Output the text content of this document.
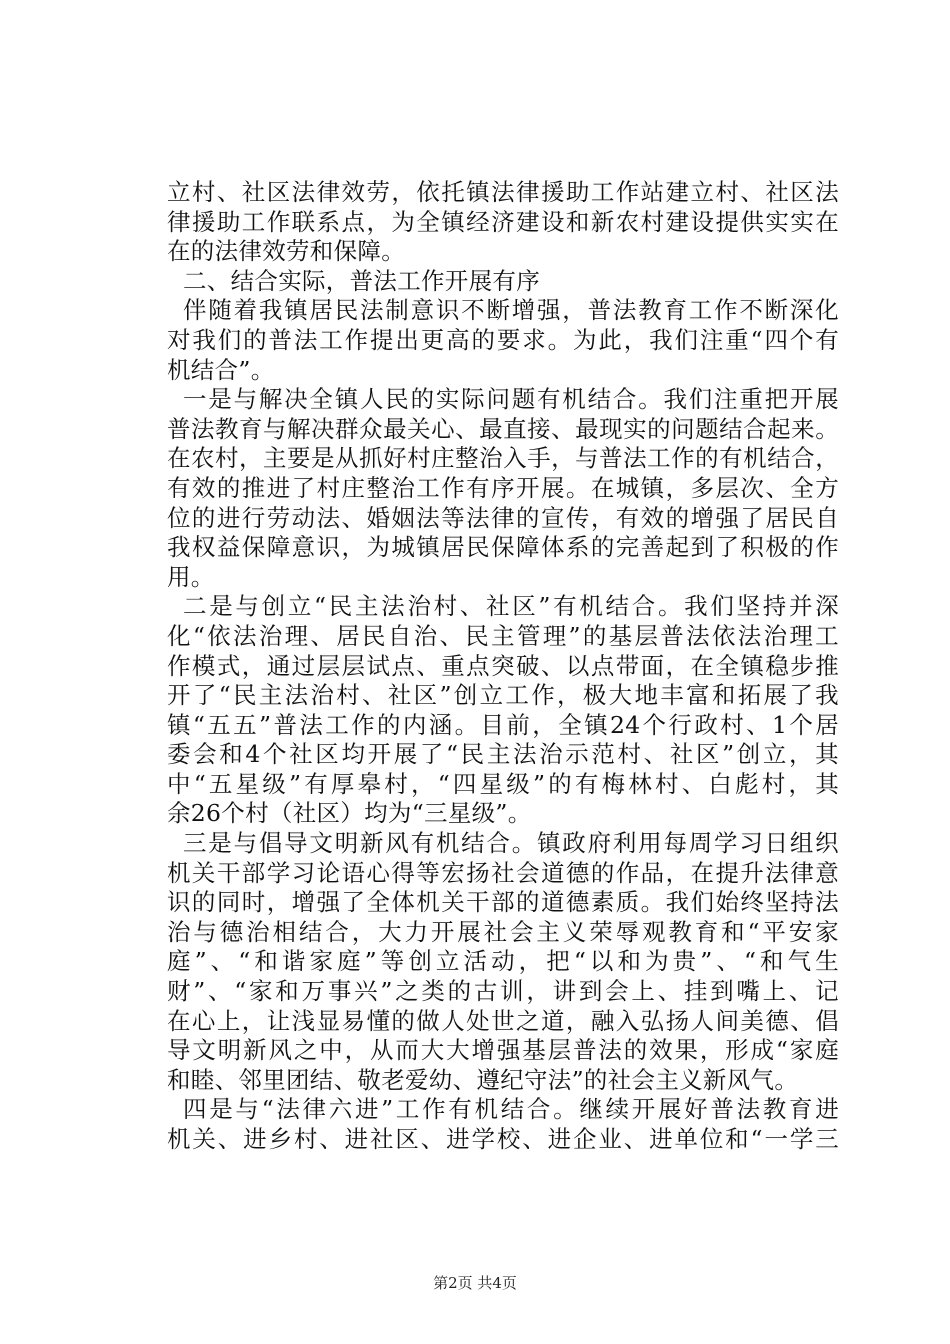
立村、社区法律效劳，依托镇法律援助工作站建立村、社区法
律援助工作联系点，为全镇经济建设和新农村建设提供实实在
在的法律效劳和保障。
二、结合实际，普法工作开展有序
伴随着我镇居民法制意识不断增强，普法教育工作不断深化
对我们的普法工作提出更高的要求。为此，我们注重“四个有
机结合”。
一是与解决全镇人民的实际问题有机结合。我们注重把开展
普法教育与解决群众最关心、最直接、最现实的问题结合起来。
在农村，主要是从抓好村庄整治入手，与普法工作的有机结合，
有效的推进了村庄整治工作有序开展。在城镇，多层次、全方
位的进行劳动法、婚姻法等法律的宣传，有效的增强了居民自
我权益保障意识，为城镇居民保障体系的完善起到了积极的作
用。
二是与创立“民主法治村、社区”有机结合。我们坚持并深
化“依法治理、居民自治、民主管理”的基层普法依法治理工
作模式，通过层层试点、重点突破、以点带面，在全镇稳步推
开了“民主法治村、社区”创立工作，极大地丰富和拓展了我
镇“五五”普法工作的内涵。目前，全镇24个行政村、1个居
委会和4个社区均开展了“民主法治示范村、社区”创立，其
中“五星级”有厚皋村，“四星级”的有梅林村、白彪村，其
余26个村（社区）均为“三星级”。
三是与倡导文明新风有机结合。镇政府利用每周学习日组织
机关干部学习论语心得等宏扬社会道德的作品，在提升法律意
识的同时，增强了全体机关干部的道德素质。我们始终坚持法
治与德治相结合，大力开展社会主义荣辱观教育和“平安家
庭”、“和谐家庭”等创立活动，把“以和为贵”、“和气生
财”、“家和万事兴”之类的古训，讲到会上、挂到嘴上、记
在心上，让浅显易懂的做人处世之道，融入弘扬人间美德、倡
导文明新风之中，从而大大增强基层普法的效果，形成“家庭
和睦、邻里团结、敬老爱幼、遵纪守法”的社会主义新风气。
四是与“法律六进”工作有机结合。继续开展好普法教育进
机关、进乡村、进社区、进学校、进企业、进单位和“一学三
第2页 共4页
